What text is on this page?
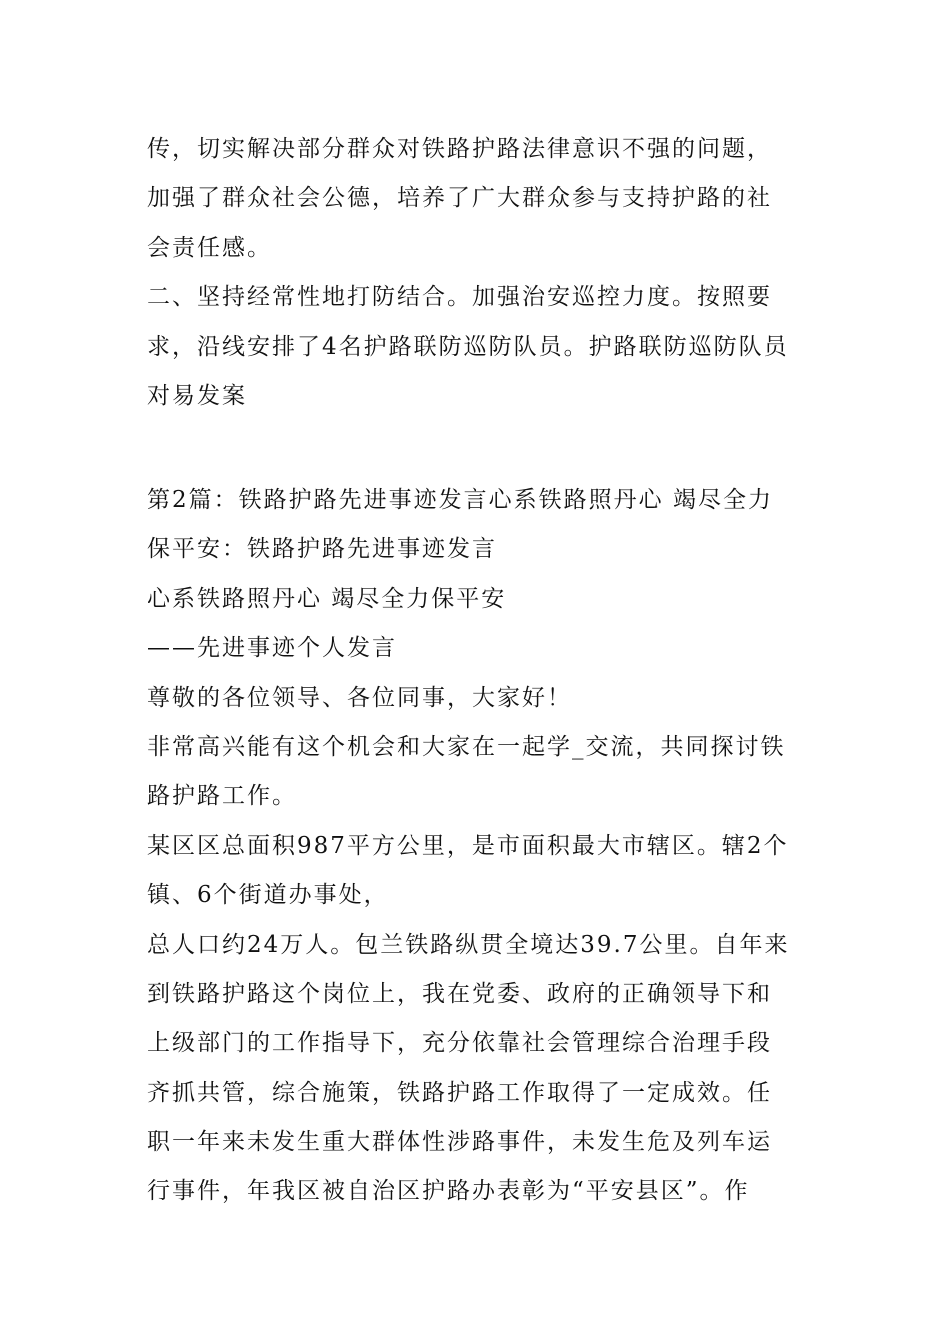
传，切实解决部分群众对铁路护路法律意识不强的问题，
加强了群众社会公德，培养了广大群众参与支持护路的社
会责任感。
二、坚持经常性地打防结合。加强治安巡控力度。按照要
求，沿线安排了4名护路联防巡防队员。护路联防巡防队员
对易发案
第2篇：铁路护路先进事迹发言心系铁路照丹心 竭尽全力
保平安：铁路护路先进事迹发言
心系铁路照丹心 竭尽全力保平安
——先进事迹个人发言
尊敬的各位领导、各位同事，大家好！
非常高兴能有这个机会和大家在一起学_交流，共同探讨铁
路护路工作。
某区区总面积987平方公里，是市面积最大市辖区。辖2个
镇、6个街道办事处，
总人口约24万人。包兰铁路纵贯全境达39.7公里。自年来
到铁路护路这个岗位上，我在党委、政府的正确领导下和
上级部门的工作指导下，充分依靠社会管理综合治理手段
齐抓共管，综合施策，铁路护路工作取得了一定成效。任
职一年来未发生重大群体性涉路事件，未发生危及列车运
行事件，年我区被自治区护路办表彰为“平安县区”。作
